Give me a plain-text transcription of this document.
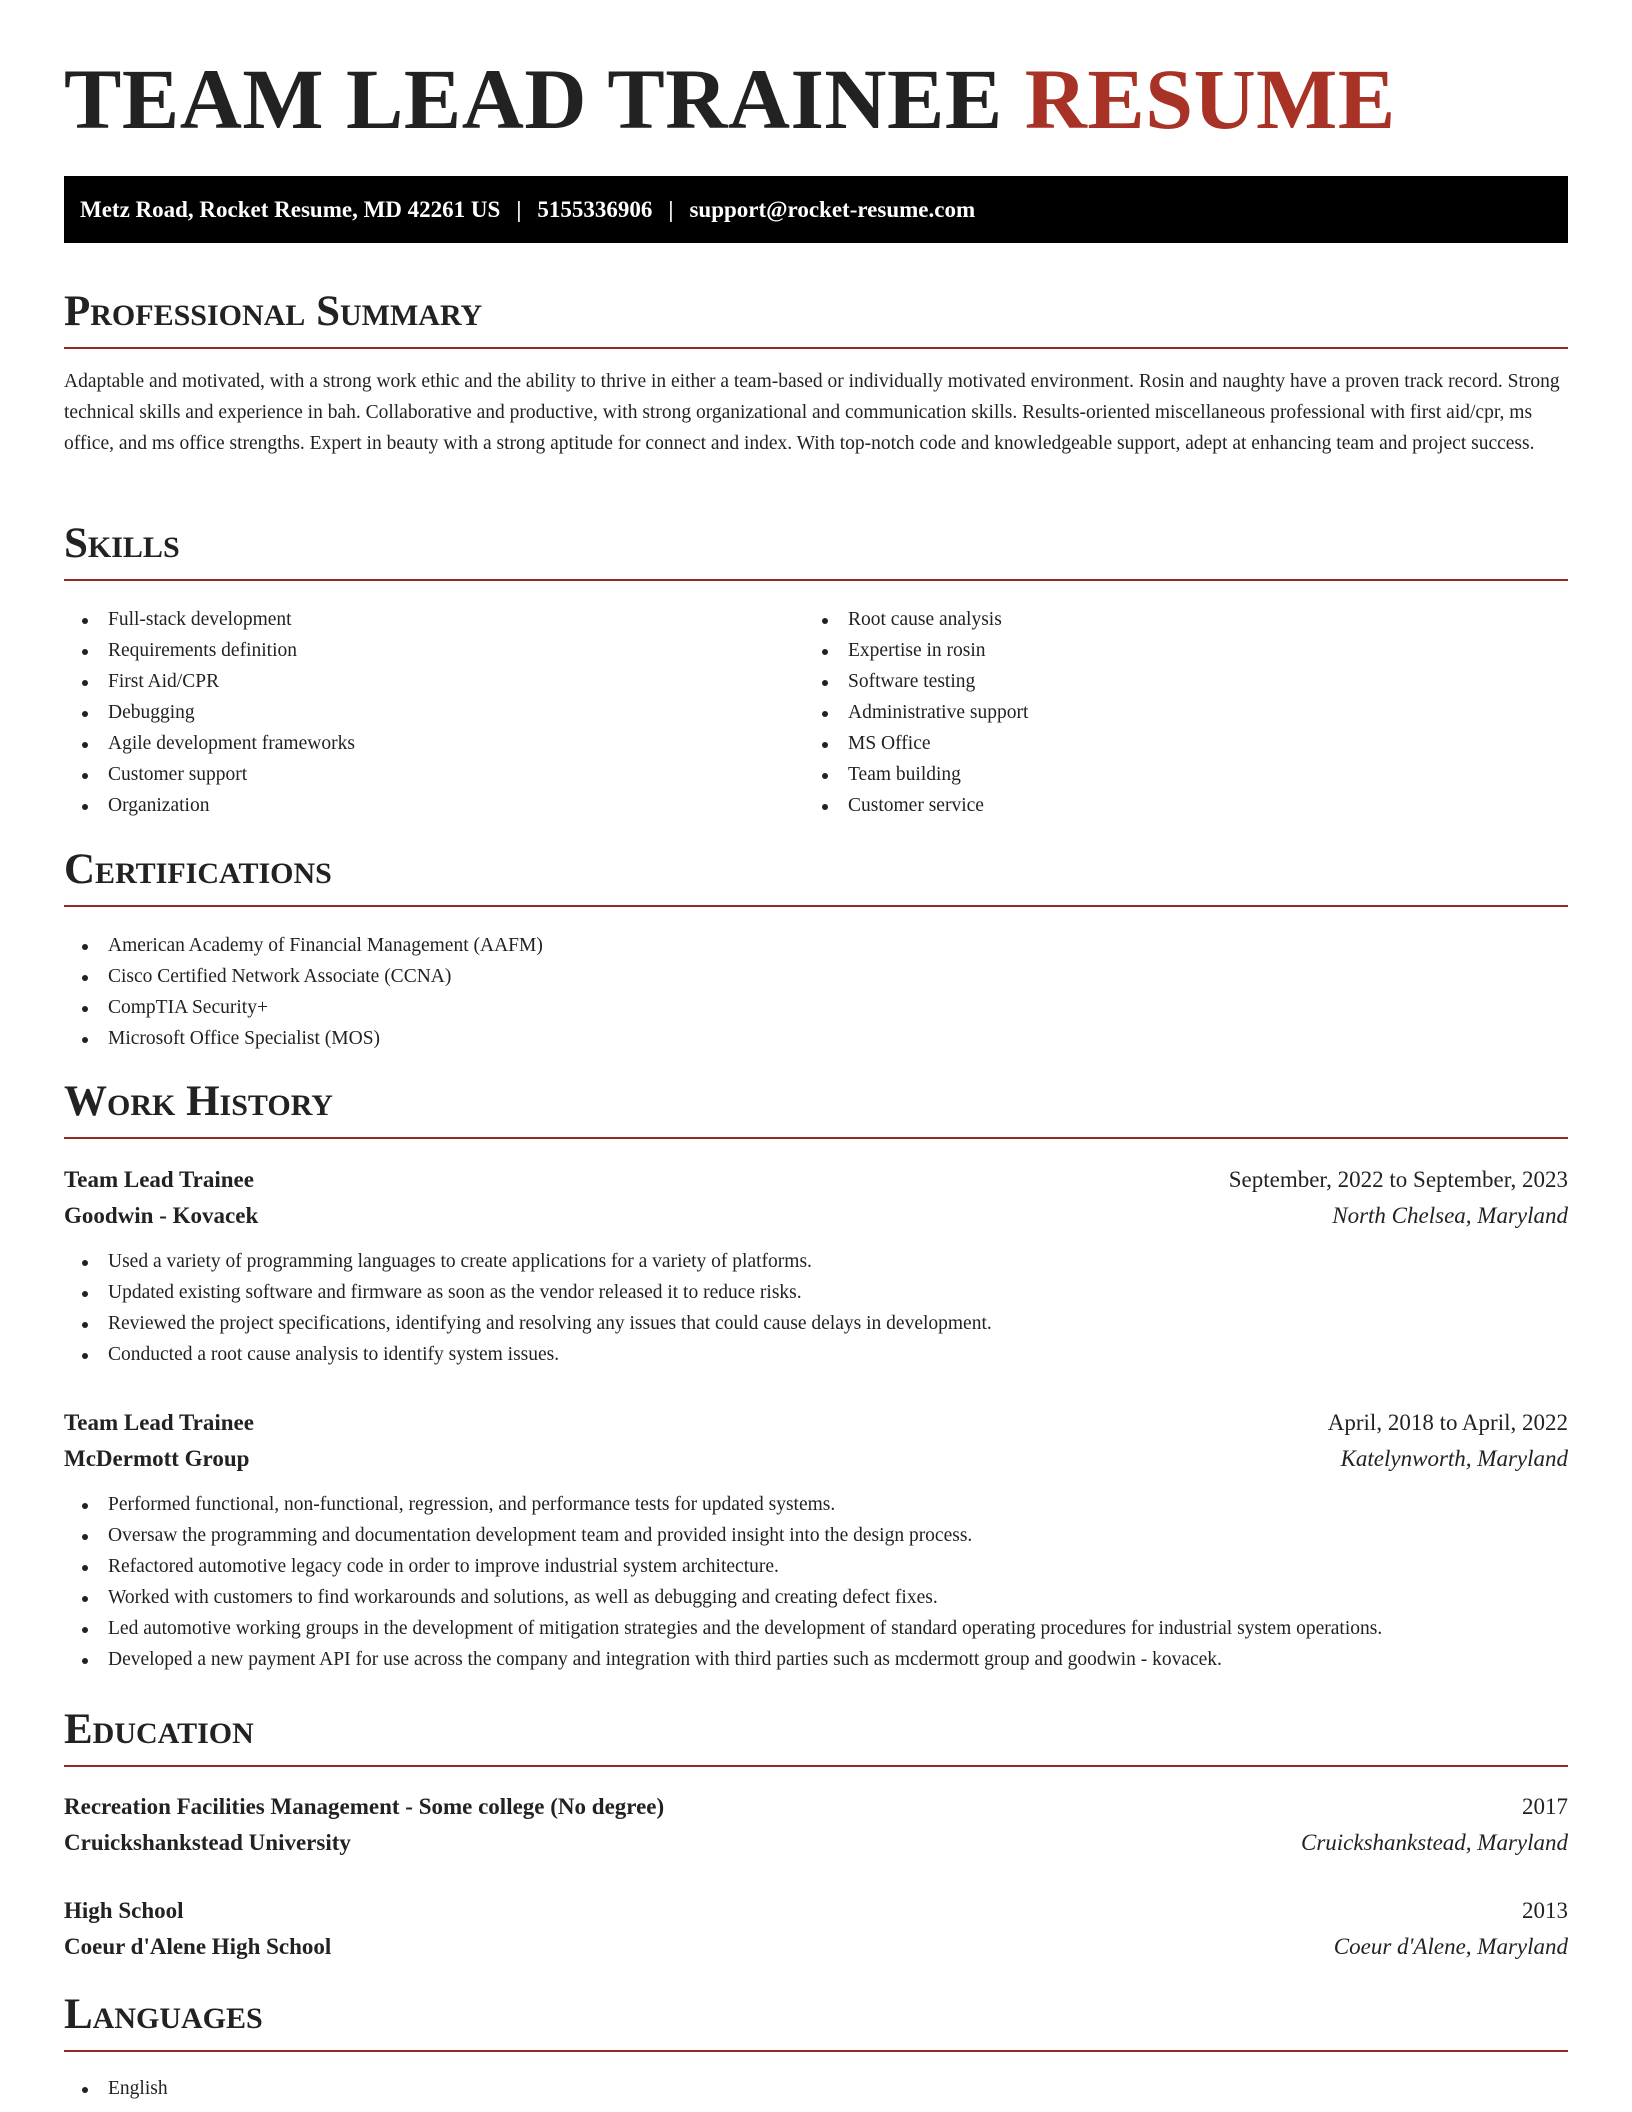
TEAM LEAD TRAINEE RESUME
Metz Road, Rocket Resume, MD 42261 US | 5155336906 | support@rocket-resume.com
Professional Summary

Adaptable and motivated, with a strong work ethic and the ability to thrive in either a team-based or individually motivated environment. Rosin and naughty have a proven track record. Strong technical skills and experience in bah. Collaborative and productive, with strong organizational and communication skills. Results-oriented miscellaneous professional with first aid/cpr, ms office, and ms office strengths. Expert in beauty with a strong aptitude for connect and index. With top-notch code and knowledgeable support, adept at enhancing team and project success.

Skills
Full-stack development
Requirements definition
First Aid/CPR
Debugging
Agile development frameworks
Customer support
Organization
Root cause analysis
Expertise in rosin
Software testing
Administrative support
MS Office
Team building
Customer service
Certifications
American Academy of Financial Management (AAFM)
Cisco Certified Network Associate (CCNA)
CompTIA Security+
Microsoft Office Specialist (MOS)
Work History
Team Lead Trainee	September, 2022 to September, 2023
Goodwin - Kovacek	North Chelsea, Maryland
Used a variety of programming languages to create applications for a variety of platforms.
Updated existing software and firmware as soon as the vendor released it to reduce risks.
Reviewed the project specifications, identifying and resolving any issues that could cause delays in development.
Conducted a root cause analysis to identify system issues.
Team Lead Trainee	April, 2018 to April, 2022
McDermott Group	Katelynworth, Maryland
Performed functional, non-functional, regression, and performance tests for updated systems.
Oversaw the programming and documentation development team and provided insight into the design process.
Refactored automotive legacy code in order to improve industrial system architecture.
Worked with customers to find workarounds and solutions, as well as debugging and creating defect fixes.
Led automotive working groups in the development of mitigation strategies and the development of standard operating procedures for industrial system operations.
Developed a new payment API for use across the company and integration with third parties such as mcdermott group and goodwin - kovacek.
Education
Recreation Facilities Management - Some college (No degree)	2017
Cruickshankstead University	Cruickshankstead, Maryland
High School	2013
Coeur d'Alene High School	Coeur d'Alene, Maryland
Languages
English
